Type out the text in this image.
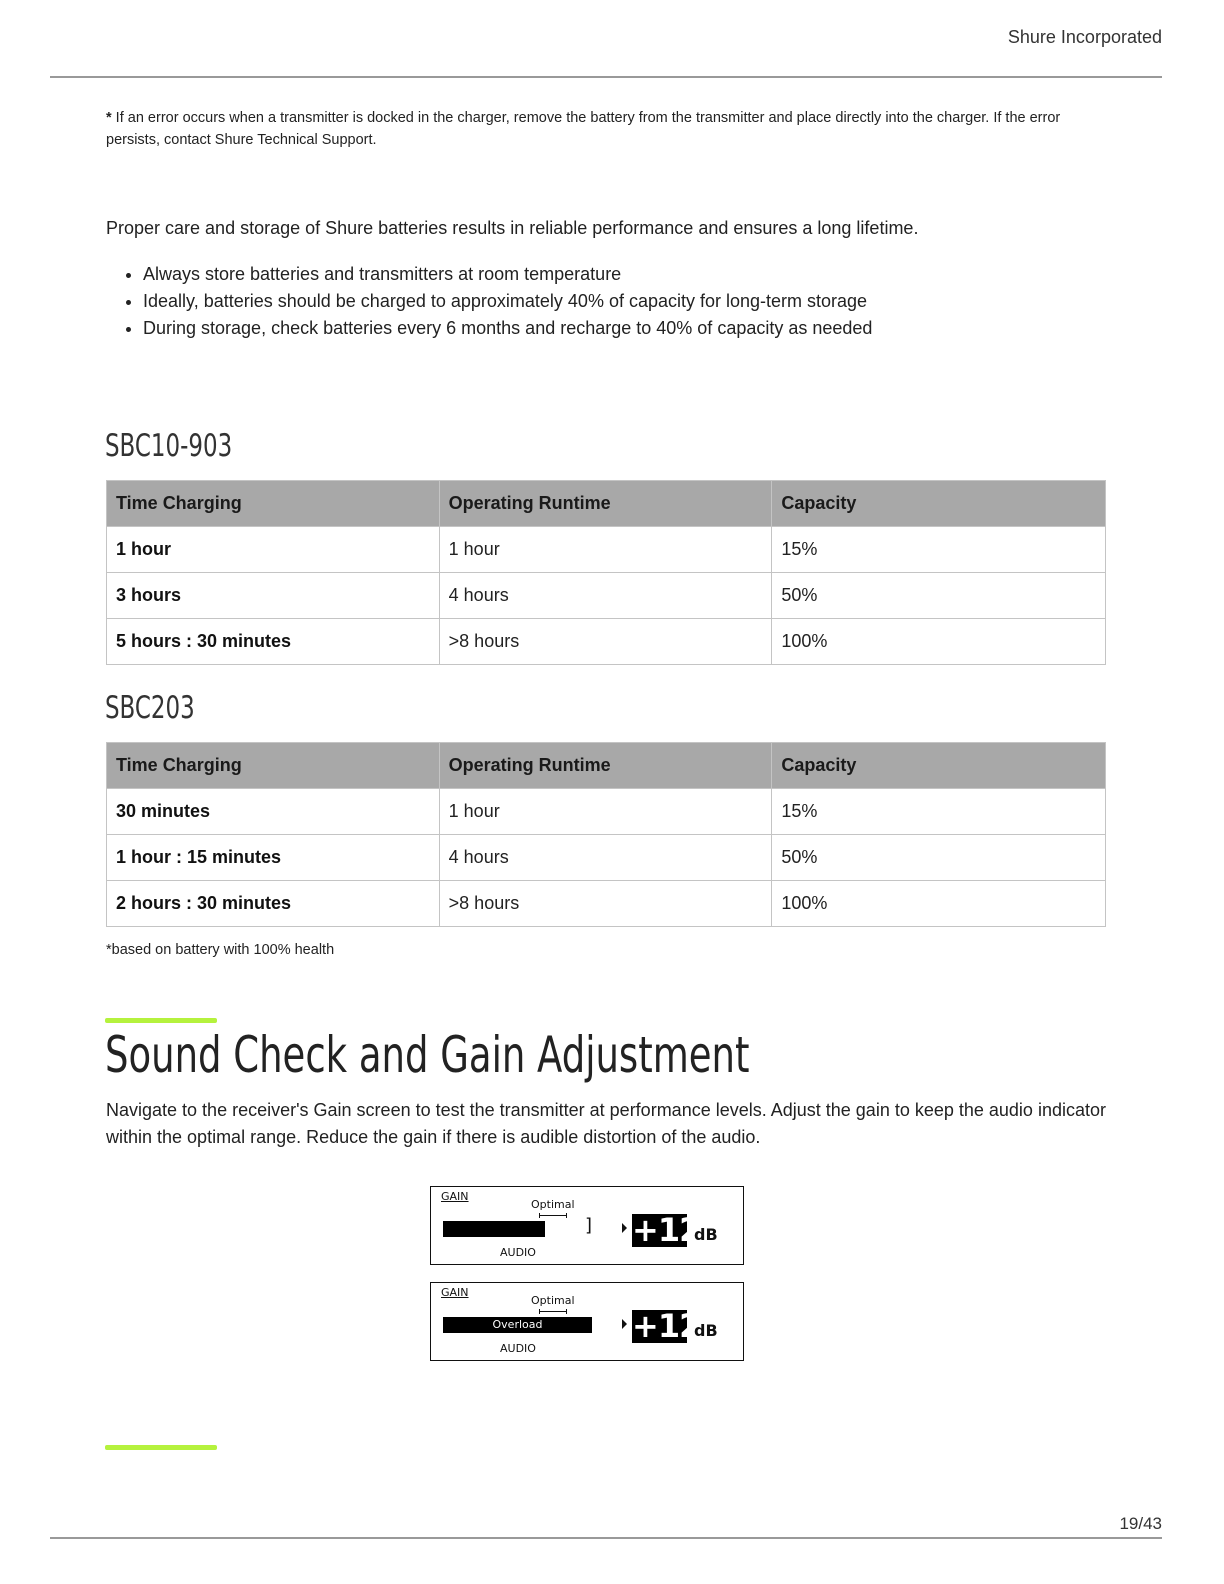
Shure Incorporated
* If an error occurs when a transmitter is docked in the charger, remove the battery from the transmitter and place directly into the charger. If the error persists, contact Shure Technical Support.
Proper care and storage of Shure batteries results in reliable performance and ensures a long lifetime.
• Always store batteries and transmitters at room temperature
• Ideally, batteries should be charged to approximately 40% of capacity for long-term storage
• During storage, check batteries every 6 months and recharge to 40% of capacity as needed
SBC10-903
Time Charging	Operating Runtime	Capacity
1 hour	1 hour	15%
3 hours	4 hours	50%
5 hours : 30 minutes	>8 hours	100%
SBC203
Time Charging	Operating Runtime	Capacity
30 minutes	1 hour	15%
1 hour : 15 minutes	4 hours	50%
2 hours : 30 minutes	>8 hours	100%
*based on battery with 100% health
Sound Check and Gain Adjustment
Navigate to the receiver's Gain screen to test the transmitter at performance levels. Adjust the gain to keep the audio indicator within the optimal range. Reduce the gain if there is audible distortion of the audio.
GAIN
Optimal
]
AUDIO
+12
dB
GAIN
Optimal
Overload
AUDIO
+12
dB
19/43
